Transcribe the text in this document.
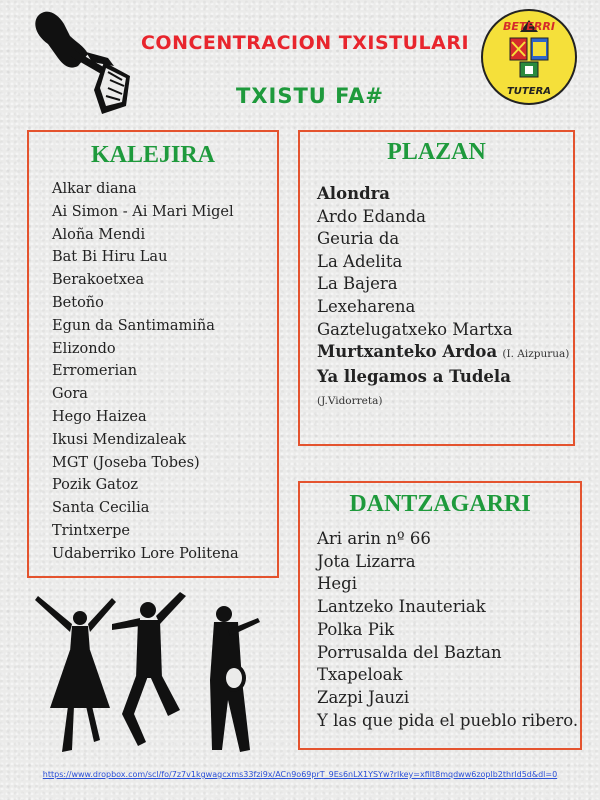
CONCENTRACION TXISTULARI
TXISTU FA#
BETERRI
TUTERA
KALEJIRA
Alkar diana
Ai Simon - Ai Mari Migel
Aloña Mendi
Bat Bi Hiru Lau
Berakoetxea
Betoño
Egun da Santimamiña
Elizondo
Erromerian
Gora
Hego Haizea
Ikusi Mendizaleak
MGT (Joseba Tobes)
Pozik Gatoz
Santa Cecilia
Trintxerpe
Udaberriko Lore Politena
PLAZAN
Alondra
Ardo Edanda
Geuria da
La Adelita
La Bajera
Lexeharena
Gaztelugatxeko Martxa
Murtxanteko Ardoa (I. Aizpurua)
Ya llegamos a Tudela (J.Vidorreta)
DANTZAGARRI
Ari arin nº 66
Jota Lizarra
Hegi
Lantzeko Inauteriak
Polka Pik
Porrusalda del Baztan
Txapeloak
Zazpi Jauzi
Y las que pida el pueblo ribero.
https://www.dropbox.com/scl/fo/7z7v1kgwagcxms33fzi9x/ACn9o69prT_9Es6nLX1YSYw?rlkey=xfilt8mqdww6zoplb2thrld5d&dl=0
